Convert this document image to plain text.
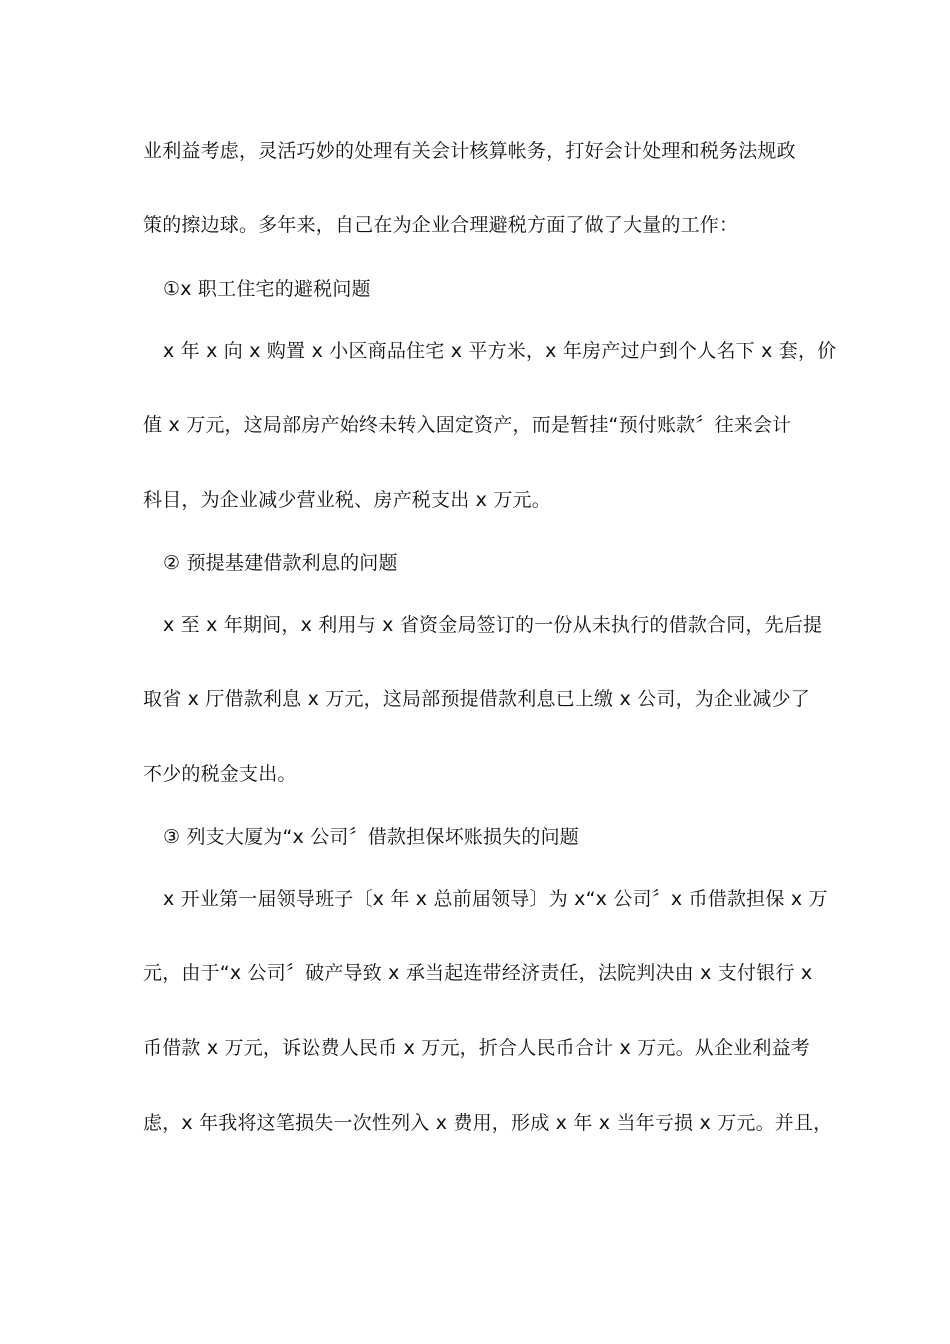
业利益考虑，灵活巧妙的处理有关会计核算帐务，打好会计处理和税务法规政
策的擦边球。多年来，自己在为企业合理避税方面了做了大量的工作：
①x 职工住宅的避税问题
x 年 x 向 x 购置 x 小区商品住宅 x 平方米，x 年房产过户到个人名下 x 套，价
值 x 万元，这局部房产始终未转入固定资产，而是暂挂“预付账款〞往来会计
科目，为企业减少营业税、房产税支出 x 万元。
② 预提基建借款利息的问题
x 至 x 年期间，x 利用与 x 省资金局签订的一份从未执行的借款合同，先后提
取省 x 厅借款利息 x 万元，这局部预提借款利息已上缴 x 公司，为企业减少了
不少的税金支出。
③ 列支大厦为“x 公司〞借款担保坏账损失的问题
x 开业第一届领导班子〔x 年 x 总前届领导〕为 x“x 公司〞x 币借款担保 x 万
元，由于“x 公司〞破产导致 x 承当起连带经济责任，法院判决由 x 支付银行 x
币借款 x 万元，诉讼费人民币 x 万元，折合人民币合计 x 万元。从企业利益考
虑，x 年我将这笔损失一次性列入 x 费用，形成 x 年 x 当年亏损 x 万元。并且，
